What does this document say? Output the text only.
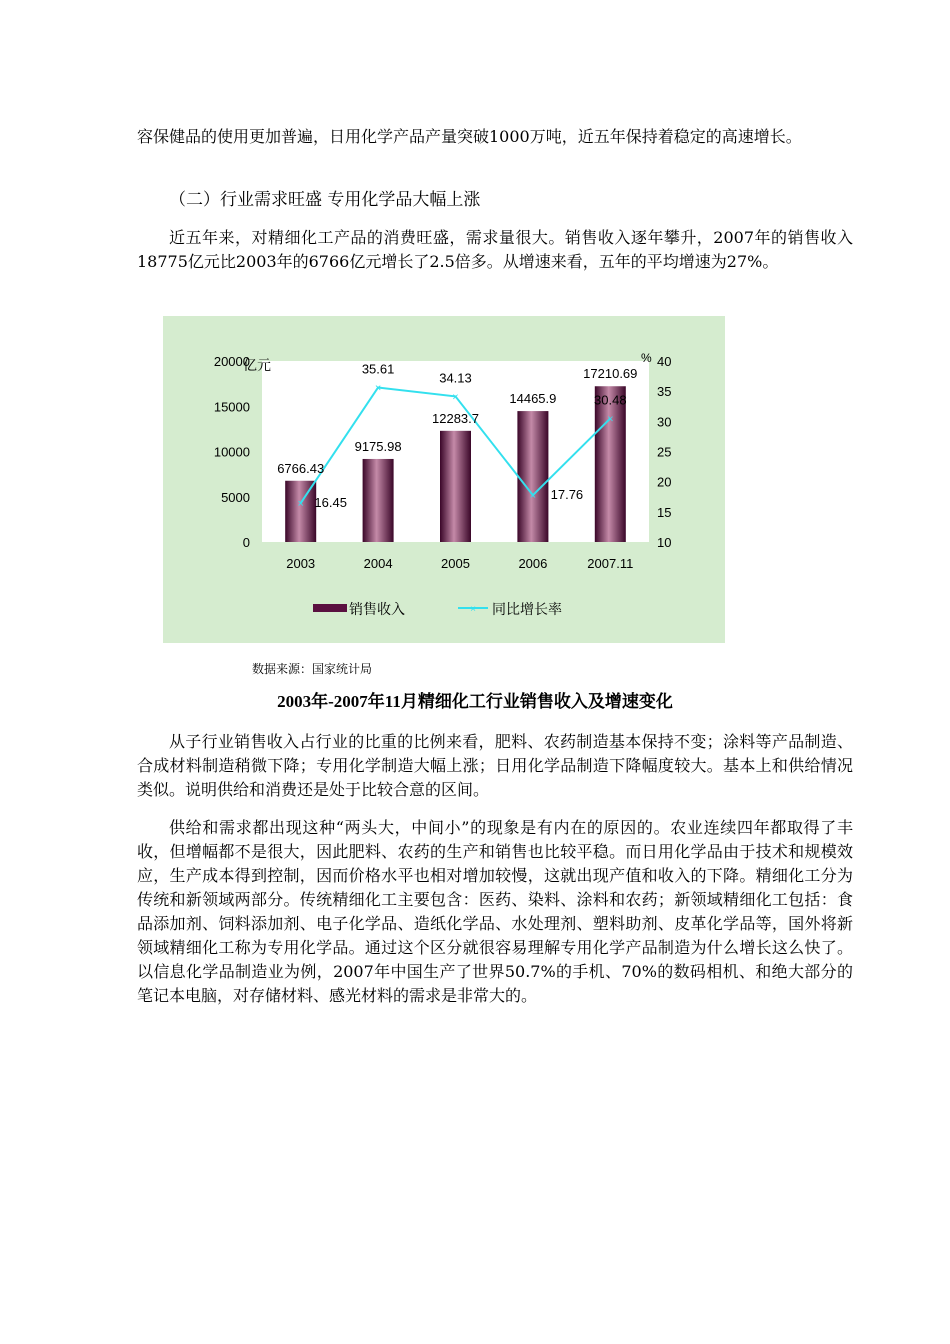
容保健品的使用更加普遍，日用化学产品产量突破1000万吨，近五年保持着稳定的高速增长。

（二）行业需求旺盛 专用化学品大幅上涨

近五年来，对精细化工产品的消费旺盛，需求量很大。销售收入逐年攀升，2007年的销售收入18775亿元比2003年的6766亿元增长了2.5倍多。从增速来看，五年的平均增速为27%。

0
5000
10000
15000
20000
10
15
20
25
30
35
40
2003	2004	2005	2006	2007.11
×
×
×
×
×
6766.43
9175.98
12283.7
14465.9
17210.69
16.45
35.61
34.13
17.76
30.48
亿元	%
销售收入	× 同比增长率
数据来源：国家统计局
2003年-2007年11月精细化工行业销售收入及增速变化

从子行业销售收入占行业的比重的比例来看，肥料、农药制造基本保持不变；涂料等产品制造、合成材料制造稍微下降；专用化学制造大幅上涨；日用化学品制造下降幅度较大。基本上和供给情况类似。说明供给和消费还是处于比较合意的区间。

供给和需求都出现这种“两头大，中间小”的现象是有内在的原因的。农业连续四年都取得了丰收，但增幅都不是很大，因此肥料、农药的生产和销售也比较平稳。而日用化学品由于技术和规模效应，生产成本得到控制，因而价格水平也相对增加较慢，这就出现产值和收入的下降。精细化工分为传统和新领域两部分。传统精细化工主要包含：医药、染料、涂料和农药；新领域精细化工包括：食品添加剂、饲料添加剂、电子化学品、造纸化学品、水处理剂、塑料助剂、皮革化学品等，国外将新领域精细化工称为专用化学品。通过这个区分就很容易理解专用化学产品制造为什么增长这么快了。以信息化学品制造业为例，2007年中国生产了世界50.7%的手机、70%的数码相机、和绝大部分的笔记本电脑，对存储材料、感光材料的需求是非常大的。
